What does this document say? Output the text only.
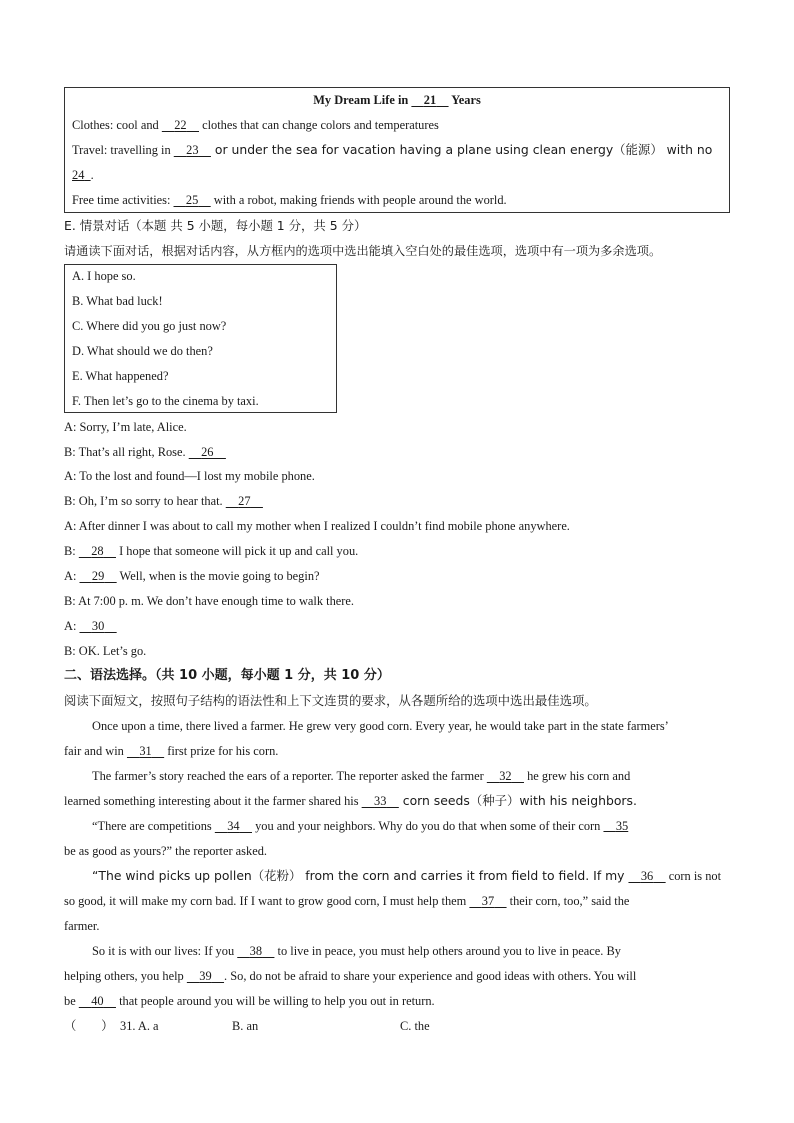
My Dream Life in 21 Years
Clothes: cool and 22 clothes that can change colors and temperatures
Travel: travelling in 23 or under the sea for vacation having a plane using clean energy（能源） with no
24 .
Free time activities: 25 with a robot, making friends with people around the world.
E. 情景对话（本题 共 5 小题，每小题 1 分，共 5 分）
请通读下面对话，根据对话内容，从方框内的选项中选出能填入空白处的最佳选项，选项中有一项为多余选项。
A. I hope so.
B. What bad luck!
C. Where did you go just now?
D. What should we do then?
E. What happened?
F. Then let’s go to the cinema by taxi.
A: Sorry, I’m late, Alice.
B: That’s all right, Rose. 26
A: To the lost and found—I lost my mobile phone.
B: Oh, I’m so sorry to hear that. 27
A: After dinner I was about to call my mother when I realized I couldn’t find mobile phone anywhere.
B: 28 I hope that someone will pick it up and call you.
A: 29 Well, when is the movie going to begin?
B: At 7:00 p. m. We don’t have enough time to walk there.
A: 30
B: OK. Let’s go.
二、语法选择。（共 10 小题，每小题 1 分，共 10 分）
阅读下面短文，按照句子结构的语法性和上下文连贯的要求，从各题所给的选项中选出最佳选项。
Once upon a time, there lived a farmer. He grew very good corn. Every year, he would take part in the state farmers’
fair and win 31 first prize for his corn.
The farmer’s story reached the ears of a reporter. The reporter asked the farmer 32 he grew his corn and
learned something interesting about it the farmer shared his 33 corn seeds（种子）with his neighbors.
“There are competitions 34 you and your neighbors. Why do you do that when some of their corn     35
be as good as yours?” the reporter asked.
“The wind picks up pollen（花粉） from the corn and carries it from field to field. If my 36 corn is not
so good, it will make my corn bad. If I want to grow good corn, I must help them 37 their corn, too,” said the
farmer.
So it is with our lives: If you 38 to live in peace, you must help others around you to live in peace. By
helping others, you help 39 . So, do not be afraid to share your experience and good ideas with others. You will
be 40 that people around you will be willing to help you out in return.
（　　） 31. A. a	B. an	C. the
